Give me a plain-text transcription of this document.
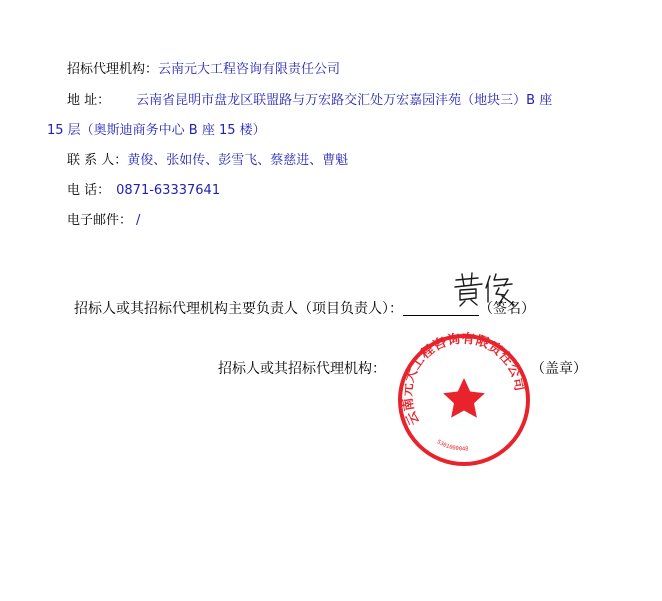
招标代理机构：云南元大工程咨询有限责任公司
地 址： 云南省昆明市盘龙区联盟路与万宏路交汇处万宏嘉园沣苑（地块三）B 座
15 层（奥斯迪商务中心 B 座 15 楼）
联 系 人：黄俊、张如传、彭雪飞、蔡慈进、曹魁
电 话： 0871-63337641
电子邮件： /
招标人或其招标代理机构主要负责人（项目负责人）：	（签名）
招标人或其招标代理机构：	（盖章）
云南元大工程咨询有限责任公司
5301000048
